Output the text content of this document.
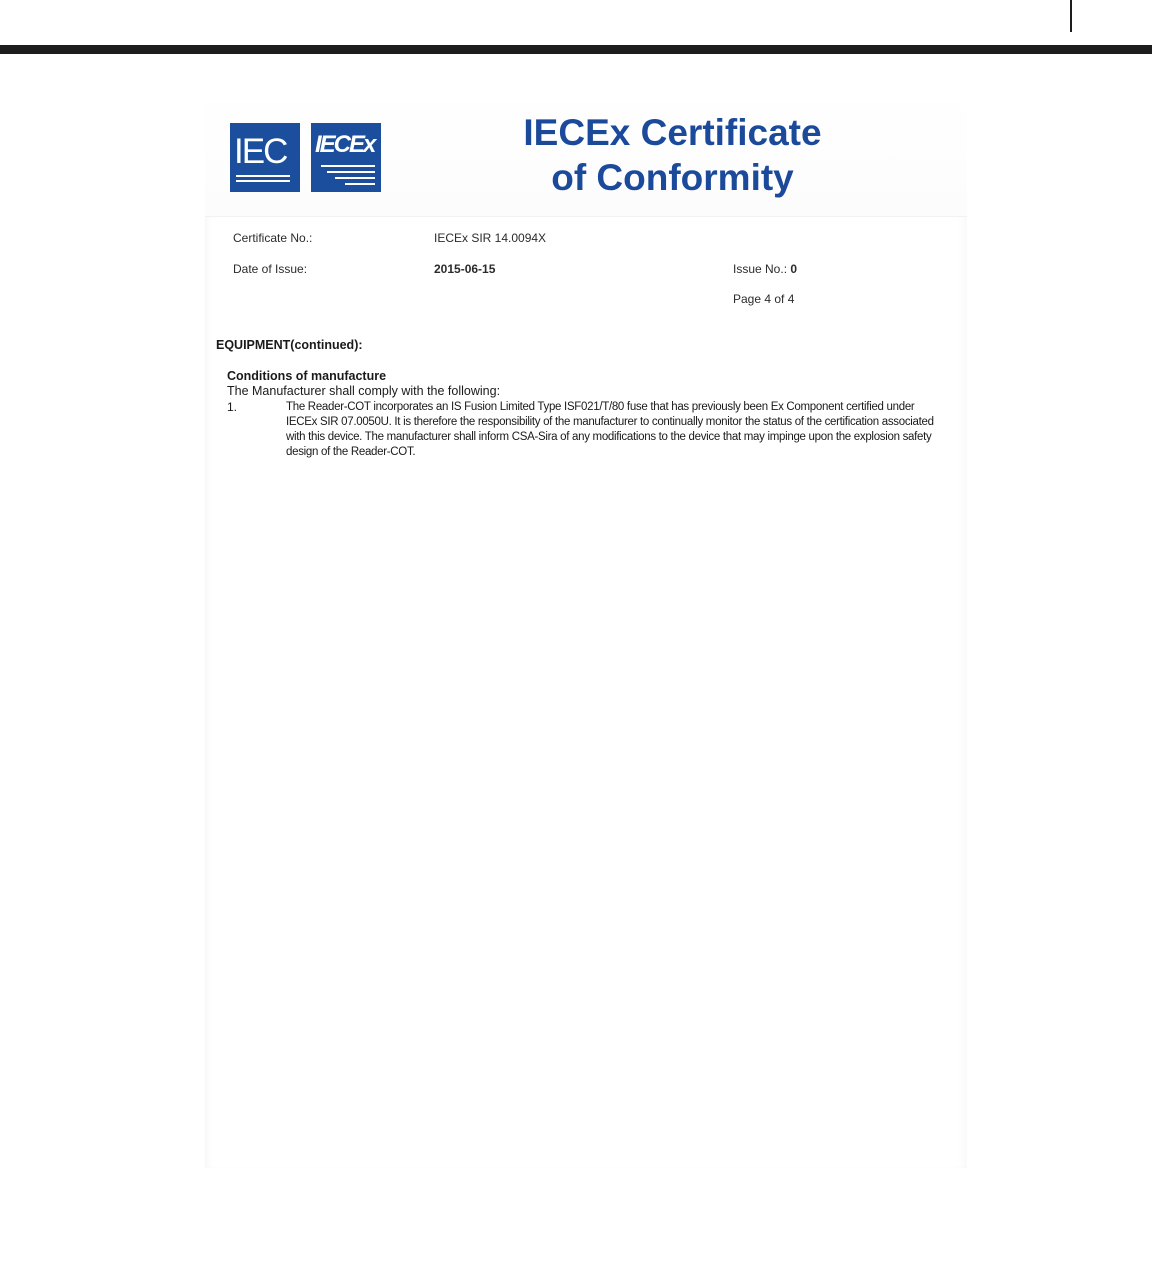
IEC IECEx	IECEx Certificate
of Conformity
Certificate No.:	IECEx SIR 14.0094X
Date of Issue:	2015-06-15	Issue No.: 0
Page 4 of 4
EQUIPMENT(continued):
Conditions of manufacture
The Manufacturer shall comply with the following:
1.	The Reader-COT incorporates an IS Fusion Limited Type ISF021/T/80 fuse that has previously been Ex Component certified under IECEx SIR 07.0050U. It is therefore the responsibility of the manufacturer to continually monitor the status of the certification associated with this device. The manufacturer shall inform CSA-Sira of any modifications to the device that may impinge upon the explosion safety design of the Reader-COT.
